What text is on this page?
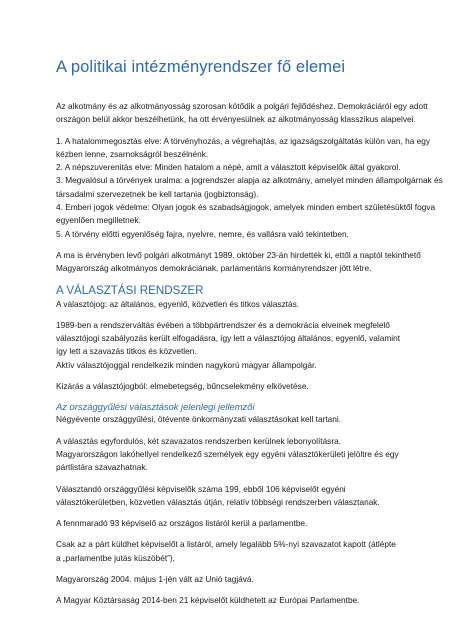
A politikai intézményrendszer fő elemei

Az alkotmány és az alkotmányosság szorosan kötődik a polgári fejlődéshez. Demokráciáról egy adott országon belül akkor beszélhetünk, ha ott érvényesülnek az alkotmányosság klasszikus alapelvei.

1. A hatalommegosztás elve: A törvényhozás, a végrehajtás, az igazságszolgáltatás külön van, ha egy kézben lenne, zsarnokságról beszélnénk.
2. A népszuverenitás elve: Minden hatalom a népé, amit a választott képviselők által gyakorol.
3. Megvalósul a törvények uralma: a jogrendszer alapja az alkotmány, amelyet minden állampolgárnak és társadalmi szervezetnek be kell tartania (jogbiztonság).
4. Emberi jogok védelme: Olyan jogok és szabadságjogok, amelyek minden embert születésüktől fogva egyenlően megilletnek.
5. A törvény előtti egyenlőség fajra, nyelvre, nemre, és vallásra való tekintetben.

A ma is érvényben levő polgári alkotmányt 1989. október 23-án hirdették ki, ettől a naptól tekinthető Magyarország alkotmányos demokráciának, parlamentáris kormányrendszer jött létre.

A VÁLASZTÁSI RENDSZER

A választójog: az általános, egyenlő, közvetlen és titkos választás.

1989-ben a rendszerváltás évében a többpártrendszer és a demokrácia elveinek megfelelő
választójogi szabályozás került elfogadásra, így lett a választójog általános, egyenlő, valamint
így lett a szavazás titkos és közvetlen.
Aktív választójoggal rendelkezik minden nagykorú magyar állampolgár.

Kizárás a választójogból: elmebetegség, bűncselekmény elkövetése.

Az országgyűlési választások jelenlegi jellemzői

Négyévente országgyűlési, ötévente önkormányzati választásokat kell tartani.

A választás egyfordulós, két szavazatos rendszerben kerülnek lebonyolításra.
Magyarországon lakóhellyel rendelkező személyek egy egyéni választókerületi jelöltre és egy
pártlistára szavazhatnak.
Választandó országgyűlési képviselők száma 199, ebből 106 képviselőt egyéni
választókerületben, közvetlen választás útján, relatív többségi rendszerben választanak.

A fennmaradó 93 képviselő az országos listáról kerül a parlamentbe.

Csak az a párt küldhet képviselőt a listáról, amely legalább 5%-nyi szavazatot kapott (átlépte
a „parlamentbe jutás küszöbét”),

Magyarország 2004. május 1-jén vált az Unió tagjává.

A Magyar Köztársaság 2014-ben 21 képviselőt küldhetett az Európai Parlamentbe.
